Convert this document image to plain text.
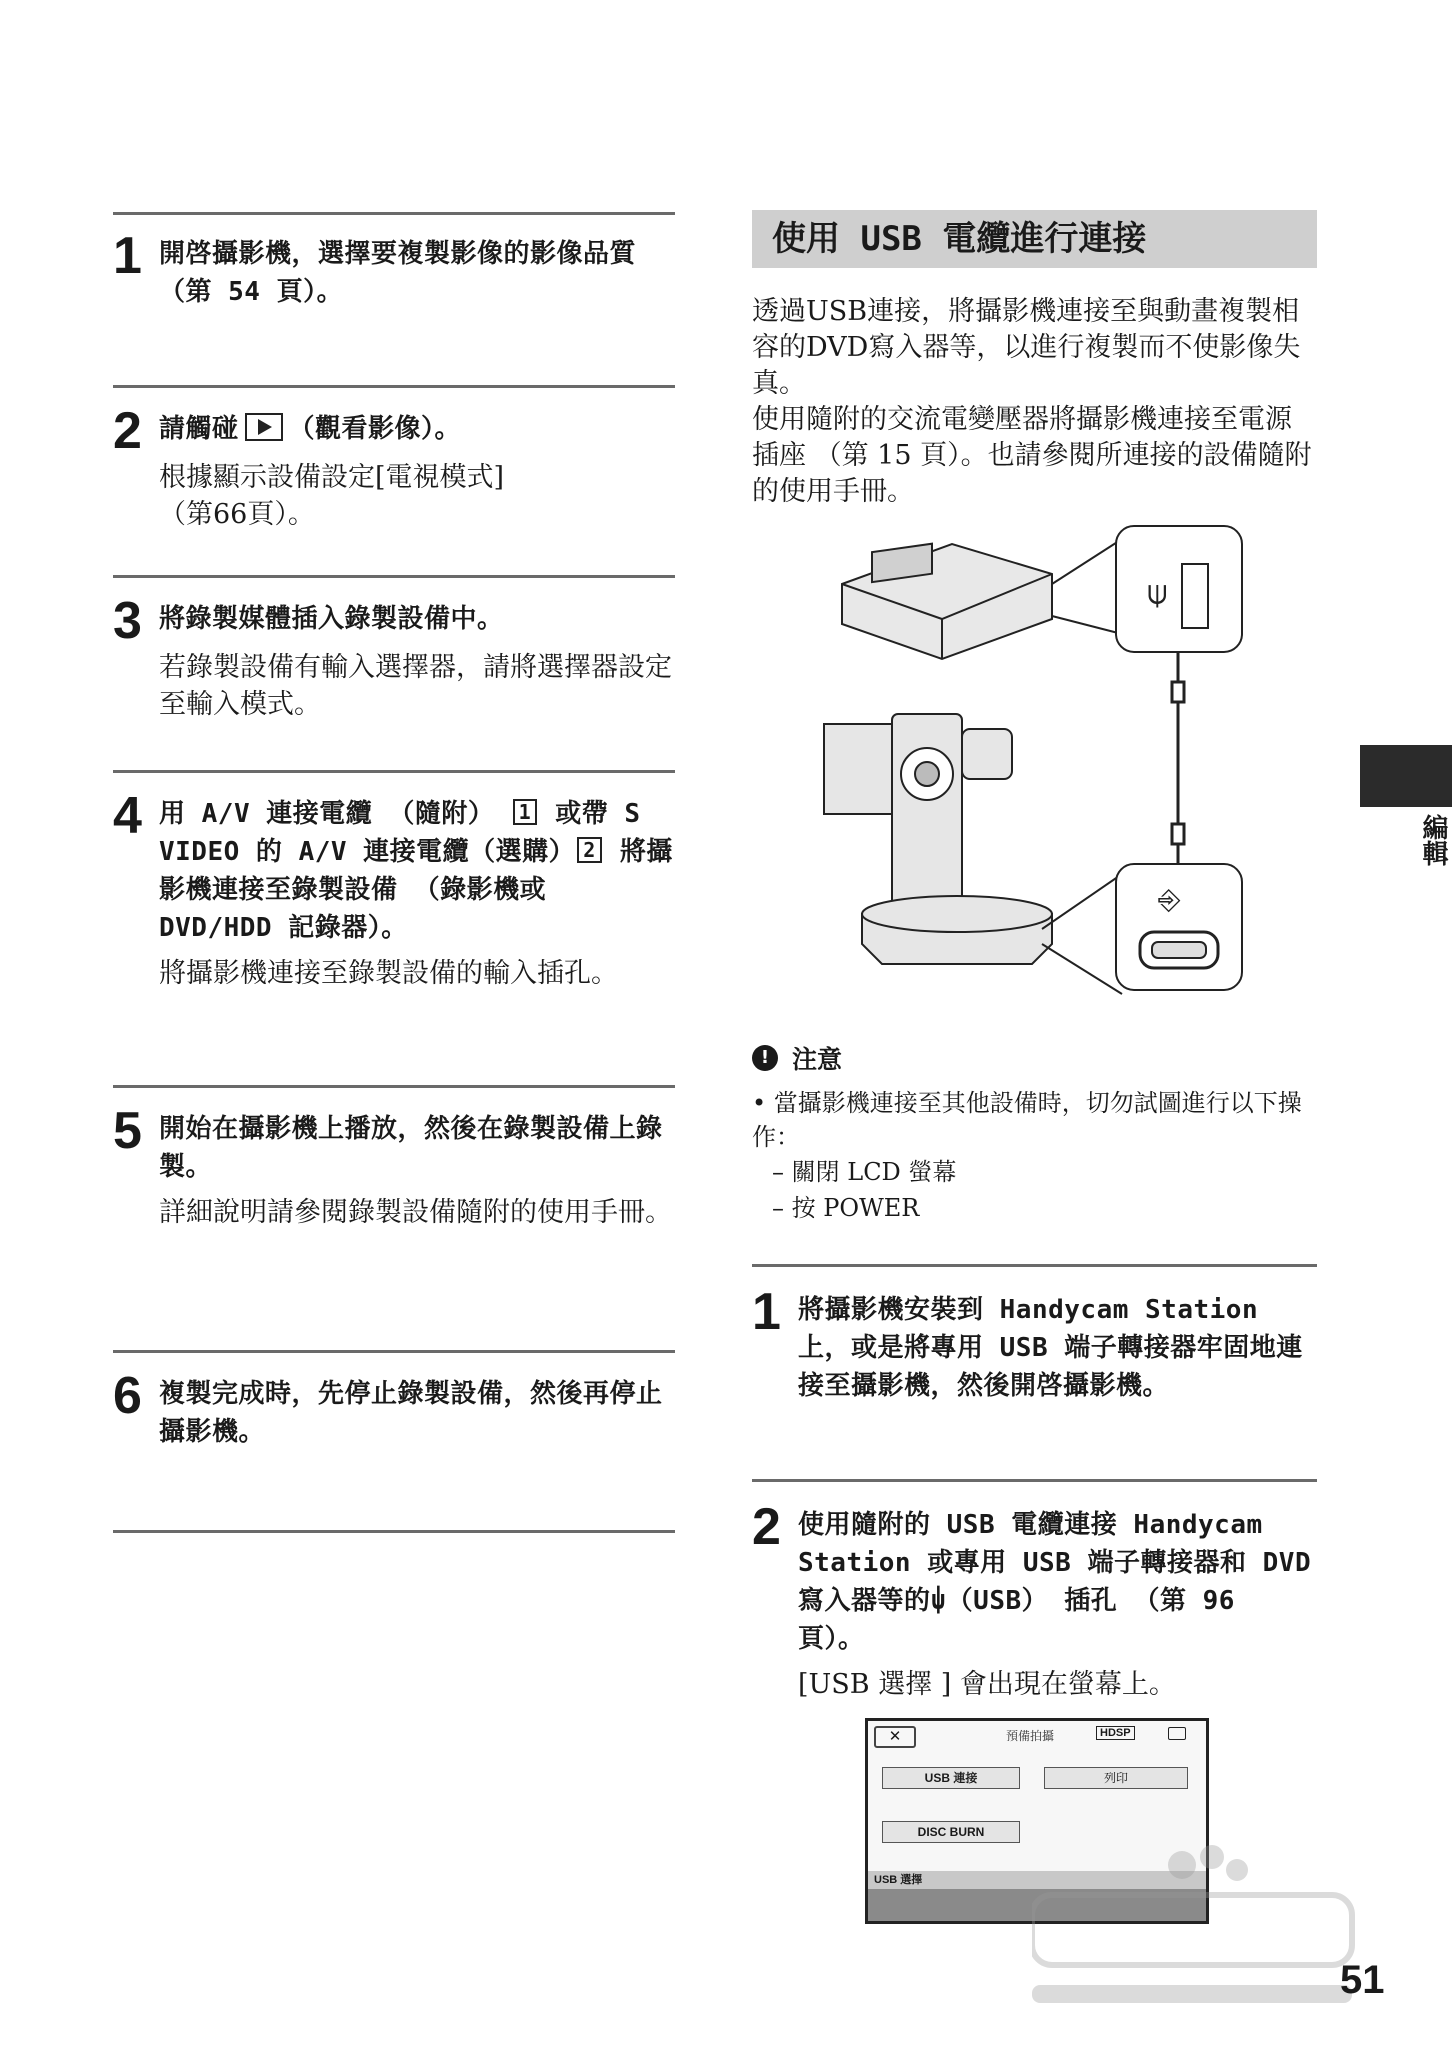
1 開啓攝影機，選擇要複製影像的影像品質 （第 54 頁）。
2 請觸碰 （觀看影像）。
根據顯示設備設定[電視模式]
（第66頁）。
3 將錄製媒體插入錄製設備中。
若錄製設備有輸入選擇器，請將選擇器設定至輸入模式。
4 用 A/V 連接電纜 （隨附） 1 或帶 S VIDEO 的 A/V 連接電纜（選購） 2 將攝影機連接至錄製設備 （錄影機或 DVD/HDD 記錄器）。
將攝影機連接至錄製設備的輸入插孔。
5 開始在攝影機上播放，然後在錄製設備上錄製。
詳細說明請參閱錄製設備隨附的使用手冊。
6 複製完成時，先停止錄製設備，然後再停止攝影機。
使用 USB 電纜進行連接
透過USB連接，將攝影機連接至與動畫複製相容的DVD寫入器等，以進行複製而不使影像失真。
使用隨附的交流電變壓器將攝影機連接至電源插座 （第 15 頁）。也請參閱所連接的設備隨附的使用手冊。
⍦
⎆
! 注意
• 當攝影機連接至其他設備時，切勿試圖進行以下操作：
– 關閉 LCD 螢幕
– 按 POWER
1 將攝影機安裝到 Handycam Station 上，或是將專用 USB 端子轉接器牢固地連接至攝影機，然後開啓攝影機。
2 使用隨附的 USB 電纜連接 Handycam Station 或專用 USB 端子轉接器和 DVD 寫入器等的⍦（USB） 插孔 （第 96 頁）。
[USB 選擇 ] 會出現在螢幕上。
✕	預備拍攝	HDSP
USB 連接	列印
DISC BURN
USB 選擇
編輯
51
